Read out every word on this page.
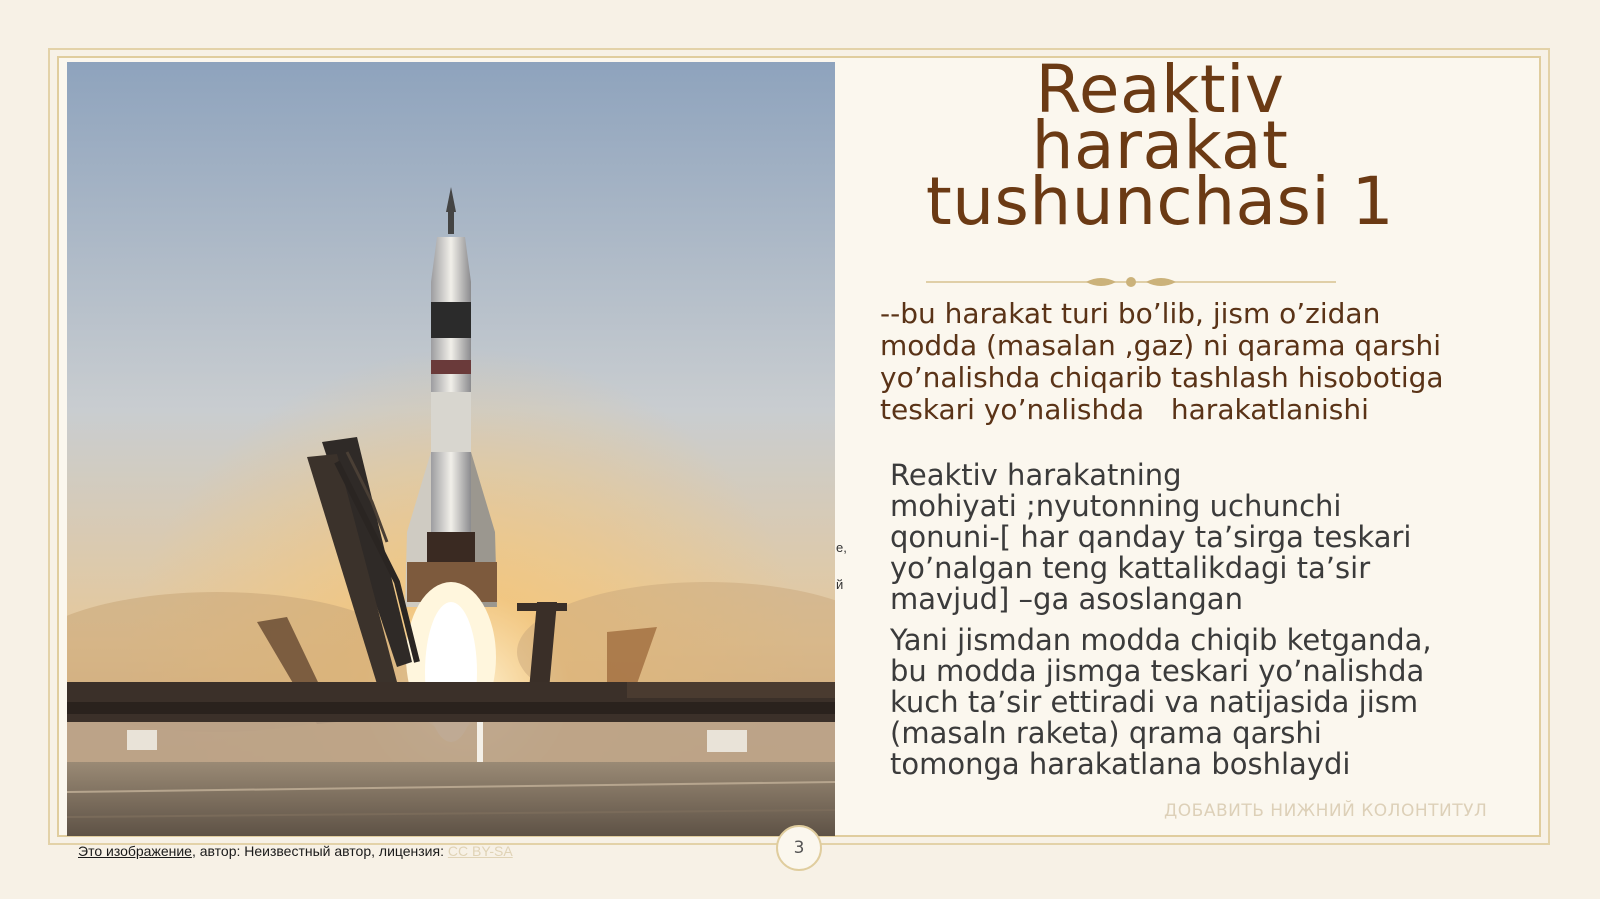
Reaktiv
harakat
tushunchasi 1
--bu harakat turi bo’lib, jism o’zidan
modda (masalan ,gaz) ni qarama qarshi
yo’nalishda chiqarib tashlash hisobotiga
teskari yo’nalishda   harakatlanishi
Reaktiv harakatning
mohiyati ;nyutonning uchunchi
qonuni-[ har qanday ta’sirga teskari
yo’nalgan teng kattalikdagi ta’sir
mavjud] –ga asoslangan
Yani jismdan modda chiqib ketganda,
bu modda jismga teskari yo’nalishda
kuch ta’sir ettiradi va natijasida jism
(masaln raketa) qrama qarshi
tomonga harakatlana boshlaydi
е,
й
ДОБАВИТЬ НИЖНИЙ КОЛОНТИТУЛ
3
Это изображение, автор: Неизвестный автор, лицензия: CC BY-SA
